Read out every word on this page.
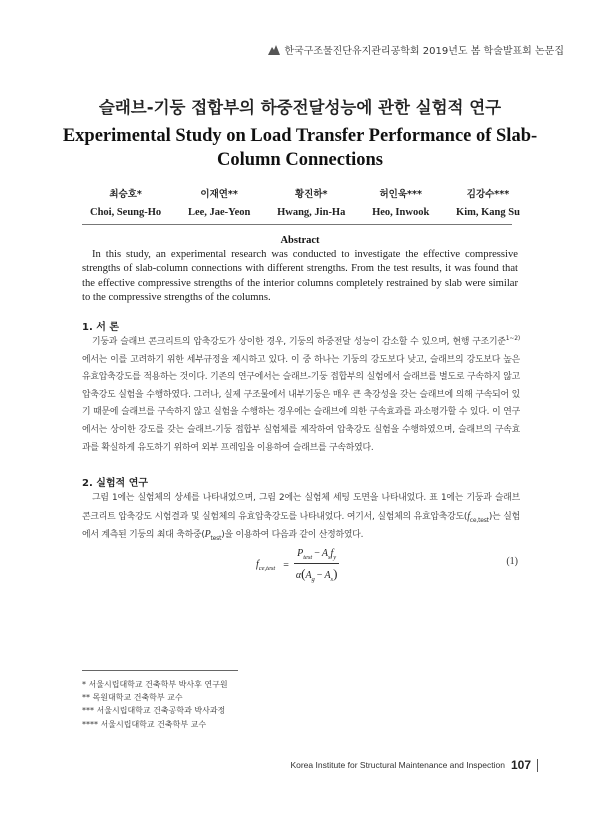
한국구조물진단유지관리공학회 2019년도 봄 학술발표회 논문집
슬래브-기둥 접합부의 하중전달성능에 관한 실험적 연구
Experimental Study on Load Transfer Performance of Slab-Column Connections
최승호*
Choi, Seung-Ho
이재연**
Lee, Jae-Yeon
황진하*
Hwang, Jin-Ha
허인욱***
Heo, Inwook
김강수***
Kim, Kang Su
Abstract

In this study, an experimental research was conducted to investigate the effective compressive strengths of slab-column connections with different strengths. From the test results, it was found that the effective compressive strengths of the interior columns completely restrained by slab were similar to the compressive strengths of the columns.

1. 서 론

기둥과 슬래브 콘크리트의 압축강도가 상이한 경우, 기둥의 하중전달 성능이 감소할 수 있으며, 현행 구조기준$^{1\sim 2)}$에서는 이를 고려하기 위한 세부규정을 제시하고 있다. 이 중 하나는 기둥의 강도보다 낮고, 슬래브의 강도보다 높은 유효압축강도를 적용하는 것이다. 기존의 연구에서는 슬래브-기둥 접합부의 실험에서 슬래브를 별도로 구속하지 않고 압축강도 실험을 수행하였다. 그러나, 실제 구조물에서 내부기둥은 매우 큰 축강성을 갖는 슬래브에 의해 구속되어 있기 때문에 슬래브를 구속하지 않고 실험을 수행하는 경우에는 슬래브에 의한 구속효과를 과소평가할 수 있다. 이 연구에서는 상이한 강도를 갖는 슬래브-기둥 접합부 실험체를 제작하여 압축강도 실험을 수행하였으며, 슬래브의 구속효과를 확실하게 유도하기 위하여 외부 프레임을 이용하여 슬래브를 구속하였다.

2. 실험적 연구

그림 1에는 실험체의 상세를 나타내었으며, 그림 2에는 실험체 세팅 도면을 나타내었다. 표 1에는 기둥과 슬래브 콘크리트 압축강도 시험결과 및 실험체의 유효압축강도를 나타내었다. 여기서, 실험체의 유효압축강도$(f_{ce,test})$는 실험에서 계측된 기둥의 최대 축하중$(P_{test})$을 이용하여 다음과 같이 산정하였다.

$f_{ce,test} = \frac{P_{test} - A_sf_y}{\alpha(A_g - A_s)}$	(1)
* 서울시립대학교 건축학부 박사후 연구원
** 목원대학교 건축학부 교수
*** 서울시립대학교 건축공학과 박사과정
**** 서울시립대학교 건축학부 교수
Korea Institute for Structural Maintenance and Inspection 107
